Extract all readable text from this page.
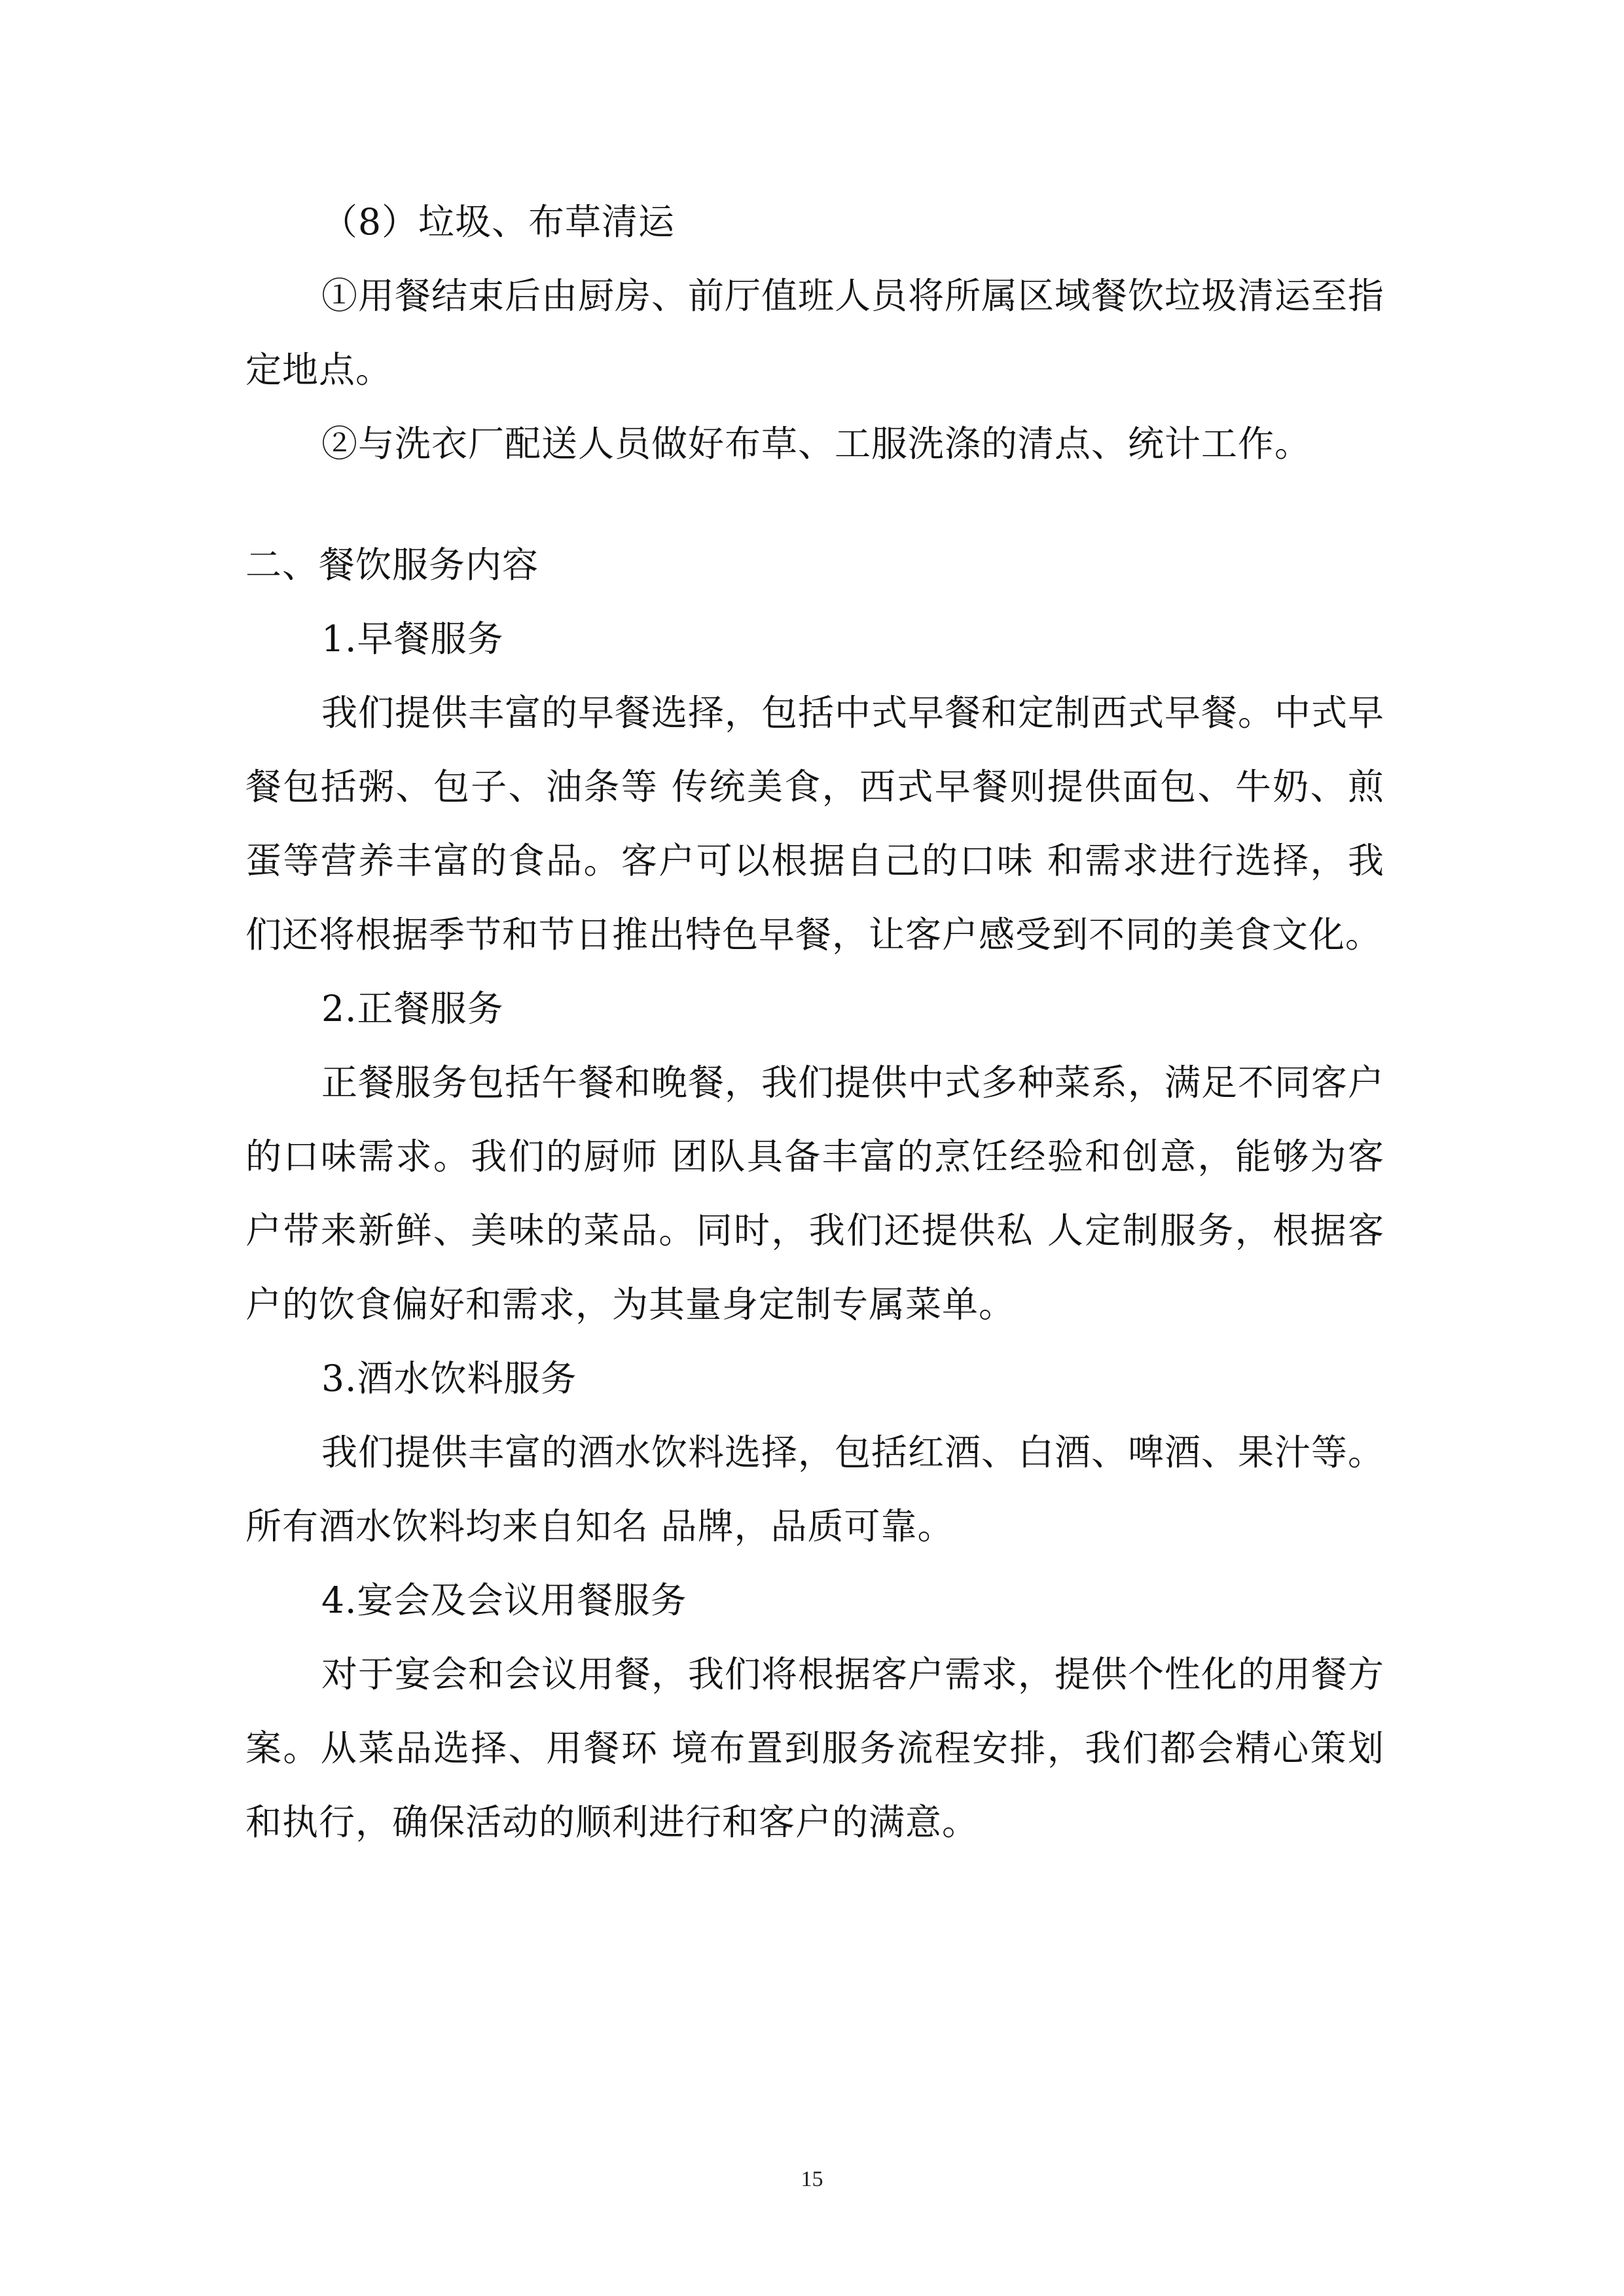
（8）垃圾、布草清运

①用餐结束后由厨房、前厅值班人员将所属区域餐饮垃圾清运至指定地点。

②与洗衣厂配送人员做好布草、工服洗涤的清点、统计工作。

二、餐饮服务内容

1.早餐服务

我们提供丰富的早餐选择，包括中式早餐和定制西式早餐。中式早餐包括粥、包子、油条等 传统美食，西式早餐则提供面包、牛奶、煎蛋等营养丰富的食品。客户可以根据自己的口味 和需求进行选择，我们还将根据季节和节日推出特色早餐，让客户感受到不同的美食文化。

2.正餐服务

正餐服务包括午餐和晚餐，我们提供中式多种菜系，满足不同客户的口味需求。我们的厨师 团队具备丰富的烹饪经验和创意，能够为客户带来新鲜、美味的菜品。同时，我们还提供私 人定制服务，根据客户的饮食偏好和需求，为其量身定制专属菜单。

3.酒水饮料服务

我们提供丰富的酒水饮料选择，包括红酒、白酒、啤酒、果汁等。所有酒水饮料均来自知名 品牌，品质可靠。

4.宴会及会议用餐服务

对于宴会和会议用餐，我们将根据客户需求，提供个性化的用餐方案。从菜品选择、用餐环 境布置到服务流程安排，我们都会精心策划和执行，确保活动的顺利进行和客户的满意。

15
